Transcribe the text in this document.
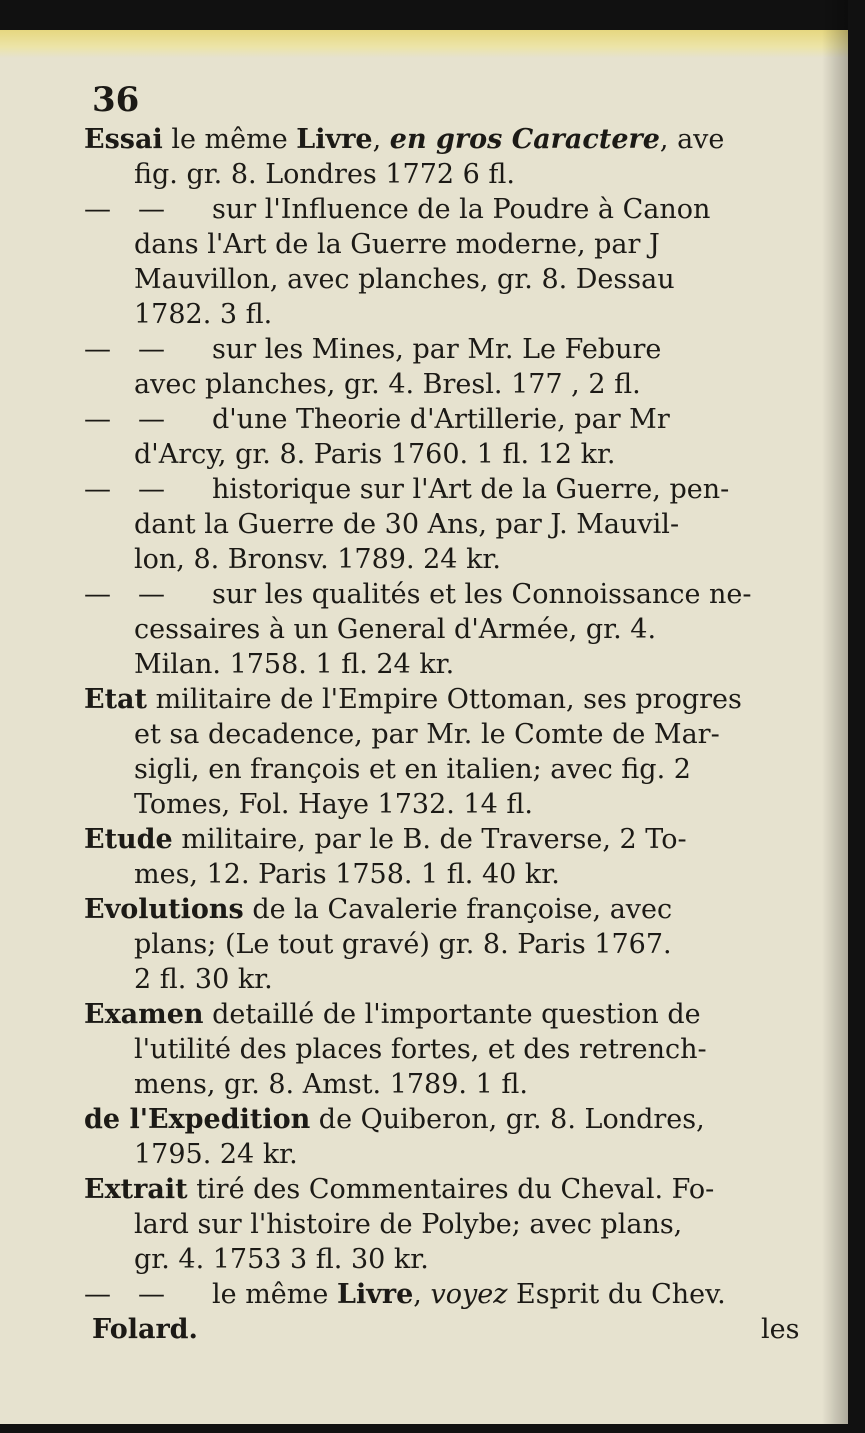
36
Essai le même Livre, en gros Caractere, ave
fig. gr. 8. Londres 1772 6 fl.
— — sur l'Influence de la Poudre à Canon
dans l'Art de la Guerre moderne, par J
Mauvillon, avec planches, gr. 8. Dessau
1782. 3 fl.
— — sur les Mines, par Mr. Le Febure
avec planches, gr. 4. Bresl. 177 , 2 fl.
— — d'une Theorie d'Artillerie, par Mr
d'Arcy, gr. 8. Paris 1760. 1 fl. 12 kr.
— — historique sur l'Art de la Guerre, pen-
dant la Guerre de 30 Ans, par J. Mauvil-
lon, 8. Bronsv. 1789. 24 kr.
— — sur les qualités et les Connoissance ne-
cessaires à un General d'Armée, gr. 4.
Milan. 1758. 1 fl. 24 kr.
Etat militaire de l'Empire Ottoman, ses progres
et sa decadence, par Mr. le Comte de Mar-
sigli, en françois et en italien; avec fig. 2
Tomes, Fol. Haye 1732. 14 fl.
Etude militaire, par le B. de Traverse, 2 To-
mes, 12. Paris 1758. 1 fl. 40 kr.
Evolutions de la Cavalerie françoise, avec
plans; (Le tout gravé) gr. 8. Paris 1767.
2 fl. 30 kr.
Examen detaillé de l'importante question de
l'utilité des places fortes, et des retrench-
mens, gr. 8. Amst. 1789. 1 fl.
de l'Expedition de Quiberon, gr. 8. Londres,
1795. 24 kr.
Extrait tiré des Commentaires du Cheval. Fo-
lard sur l'histoire de Polybe; avec plans,
gr. 4. 1753 3 fl. 30 kr.
— — le même Livre, voyez Esprit du Chev.
Folard.	les
